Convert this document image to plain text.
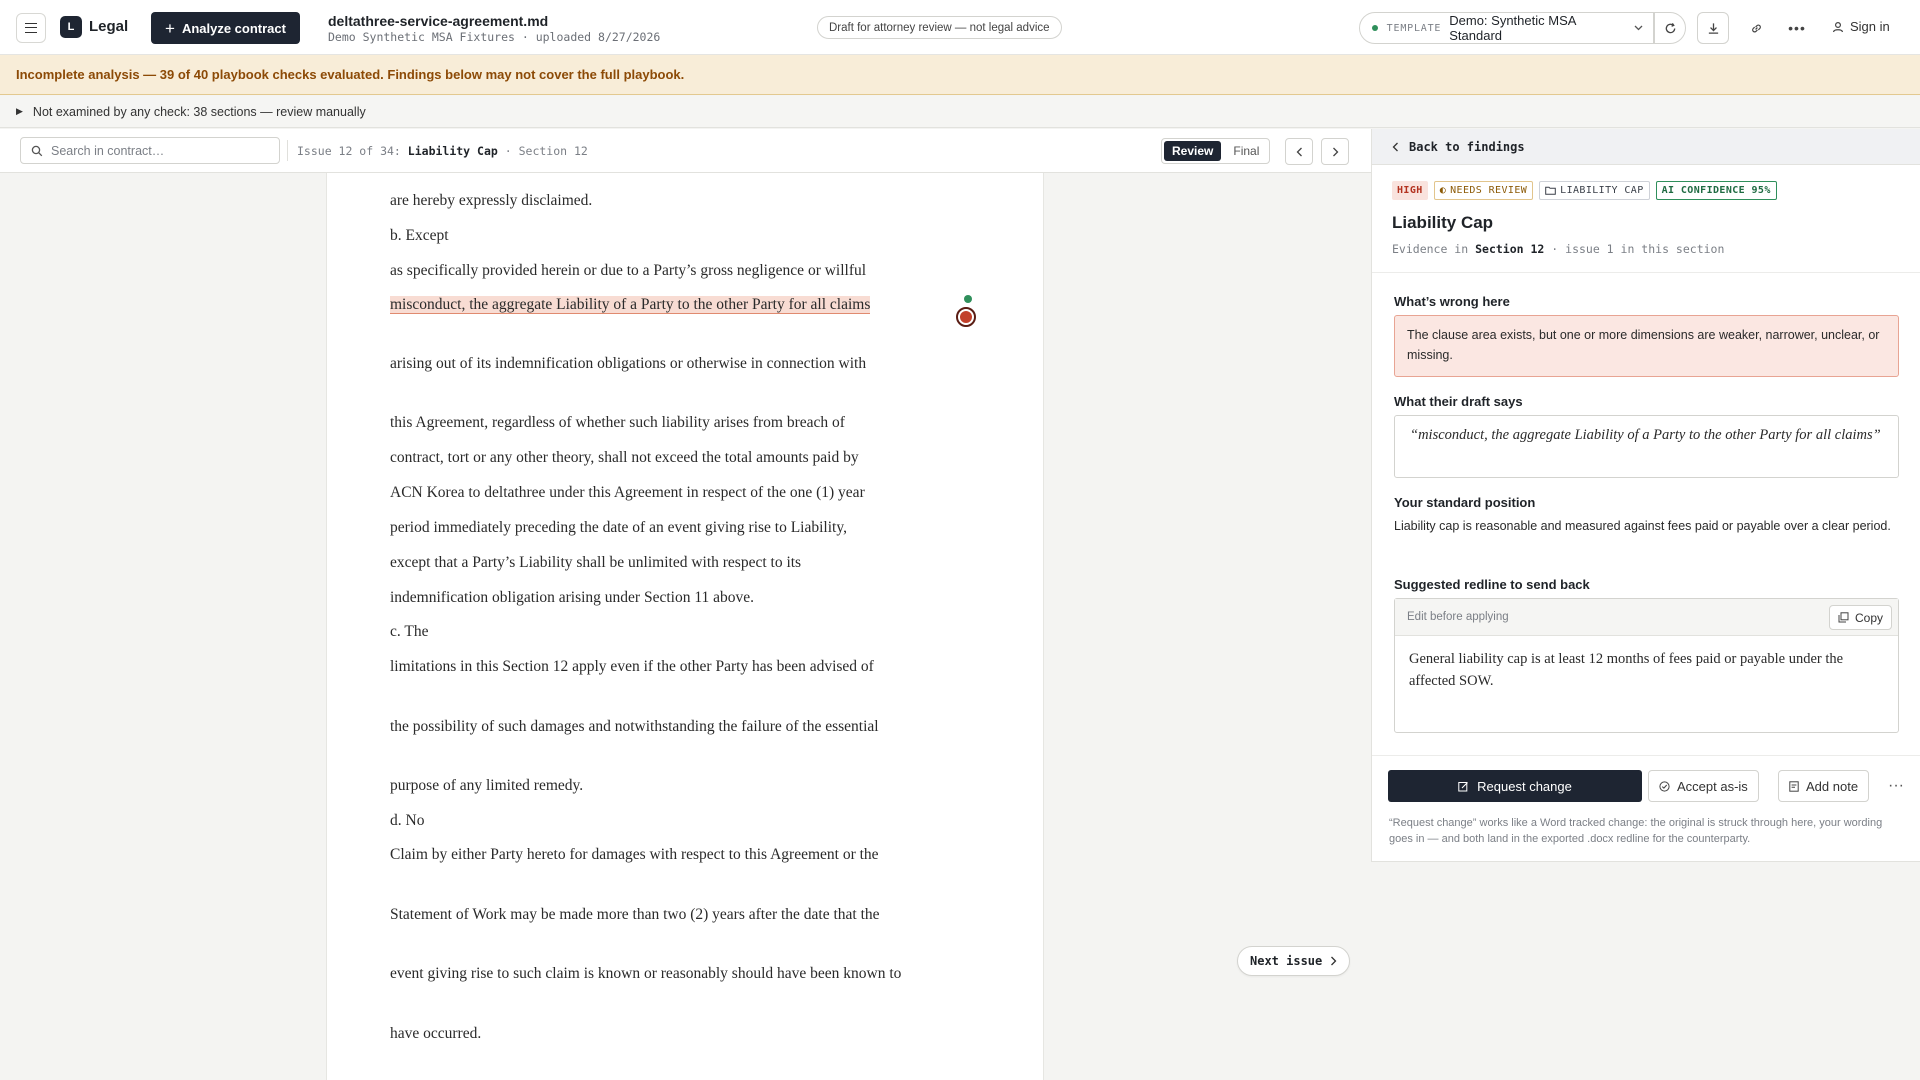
L Legal + Analyze contract	deltathree-service-agreement.md
Demo Synthetic MSA Fixtures · uploaded 8/27/2026
Draft for attorney review — not legal advice	TEMPLATE Demo: Synthetic MSA Standard	•••	Sign in
Incomplete analysis — 39 of 40 playbook checks evaluated. Findings below may not cover the full playbook.
▶ Not examined by any check: 38 sections — review manually
Search in contract…
Issue 12 of 34: Liability Cap · Section 12	Review	Final

are hereby expressly disclaimed.

b. Except

as specifically provided herein or due to a Party’s gross negligence or willful

misconduct, the aggregate Liability of a Party to the other Party for all claims

arising out of its indemnification obligations or otherwise in connection with

this Agreement, regardless of whether such liability arises from breach of

contract, tort or any other theory, shall not exceed the total amounts paid by

ACN Korea to deltathree under this Agreement in respect of the one (1) year

period immediately preceding the date of an event giving rise to Liability,

except that a Party’s Liability shall be unlimited with respect to its

indemnification obligation arising under Section 11 above.

c. The

limitations in this Section 12 apply even if the other Party has been advised of

the possibility of such damages and notwithstanding the failure of the essential

purpose of any limited remedy.

d. No

Claim by either Party hereto for damages with respect to this Agreement or the

Statement of Work may be made more than two (2) years after the date that the

event giving rise to such claim is known or reasonably should have been known to

have occurred.

Next issue
Back to findings
HIGH	◐ NEEDS REVIEW	LIABILITY CAP	AI CONFIDENCE 95%
Liability Cap
Evidence in Section 12 · issue 1 in this section
What’s wrong here
The clause area exists, but one or more dimensions are weaker, narrower, unclear, or missing.
What their draft says
“misconduct, the aggregate Liability of a Party to the other Party for all claims”
Your standard position
Liability cap is reasonable and measured against fees paid or payable over a clear period.
Suggested redline to send back
Edit before applying	Copy
General liability cap is at least 12 months of fees paid or payable under the affected SOW.
Request change	Accept as-is	Add note ···
“Request change” works like a Word tracked change: the original is struck through here, your wording goes in — and both land in the exported .docx redline for the counterparty.
